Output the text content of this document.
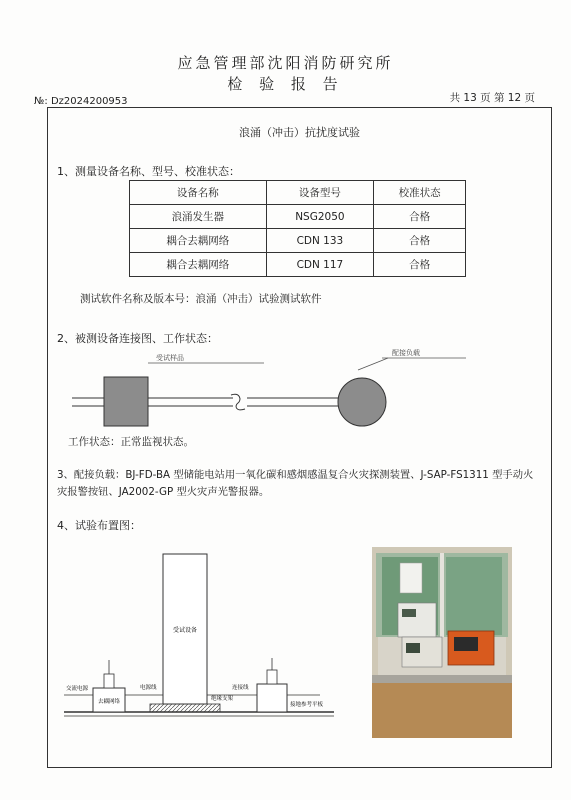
应急管理部沈阳消防研究所
检 验 报 告
№: Dz2024200953	共 13 页 第 12 页
浪涌（冲击）抗扰度试验
1、测量设备名称、型号、校准状态：
设备名称	设备型号	校准状态
浪涌发生器	NSG2050	合格
耦合去耦网络	CDN 133	合格
耦合去耦网络	CDN 117	合格
测试软件名称及版本号：浪涌（冲击）试验测试软件
2、被测设备连接图、工作状态：
受试样品
配接负载
工作状态：正常监视状态。
3、配接负载：BJ-FD-BA 型储能电站用一氧化碳和感烟感温复合火灾探测装置、J-SAP-FS1311 型手动火灾报警按钮、JA2002-GP 型火灾声光警报器。
4、试验布置图：
受试设备
去耦网络
交流电源	电源线
绝缘支架
连接线
接地参考平板
